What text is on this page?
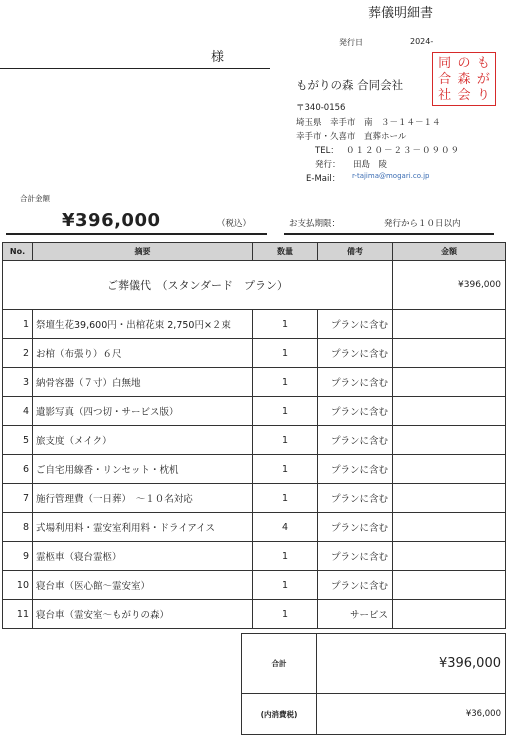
葬儀明細書
発行日	2024-
様
もがりの森 合同会社
同
合
社
の
森
会
も
が
り
〒340-0156
埼玉県　幸手市　南　３－１４－１４
幸手市・久喜市　直葬ホール
TEL： ０１２０－２３－０９０９
発行： 田島　陵
E-Mail： r-tajima@mogari.co.jp
合計金額
¥396,000	（税込）	お支払期限：	発行から１０日以内
No.	摘要	数量	備考	金額
ご葬儀代　（スタンダード　プラン）				¥396,000
1	祭壇生花39,600円・出棺花束 2,750円×２束	1	プランに含む	
2	お棺（布張り）６尺	1	プランに含む	
3	納骨容器（７寸）白無地	1	プランに含む	
4	遺影写真（四つ切・サービス版）	1	プランに含む	
5	旅支度（メイク）	1	プランに含む	
6	ご自宅用線香・リンセット・枕机	1	プランに含む	
7	施行管理費（一日葬）　～１０名対応	1	プランに含む	
8	式場利用料・霊安室利用料・ドライアイス	4	プランに含む	
9	霊柩車（寝台霊柩）	1	プランに含む	
10	寝台車（医心館～霊安室）	1	プランに含む	
11	寝台車（霊安室～もがりの森）	1	サービス	
合計	¥396,000
(内消費税)	¥36,000
